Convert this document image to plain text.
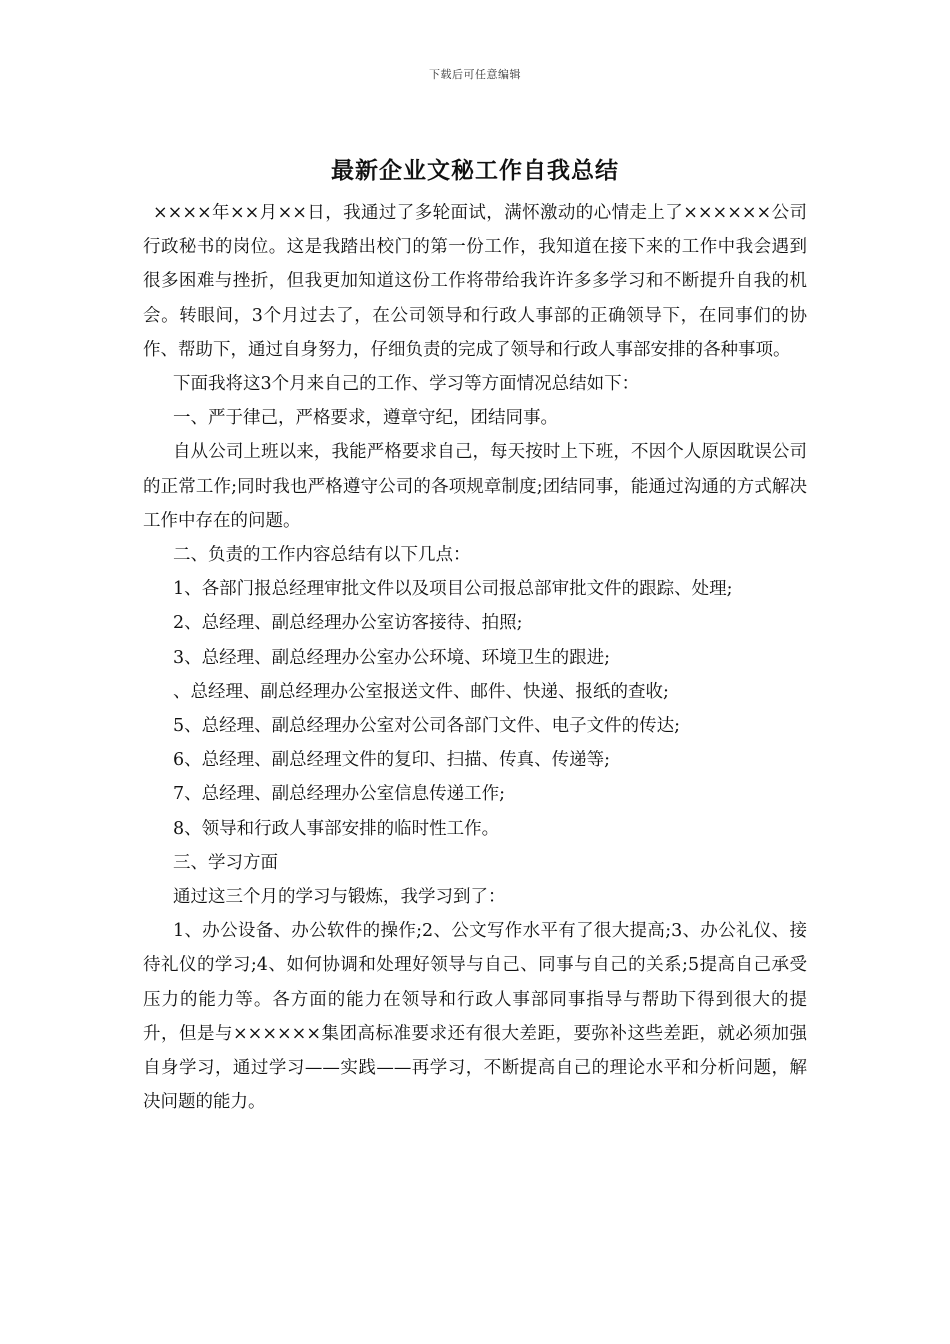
下载后可任意编辑
最新企业文秘工作自我总结

××××年××月××日，我通过了多轮面试，满怀激动的心情走上了××××××公司行政秘书的岗位。这是我踏出校门的第一份工作，我知道在接下来的工作中我会遇到很多困难与挫折，但我更加知道这份工作将带给我许许多多学习和不断提升自我的机会。转眼间，3个月过去了，在公司领导和行政人事部的正确领导下，在同事们的协作、帮助下，通过自身努力，仔细负责的完成了领导和行政人事部安排的各种事项。

下面我将这3个月来自己的工作、学习等方面情况总结如下：

一、严于律己，严格要求，遵章守纪，团结同事。

自从公司上班以来，我能严格要求自己，每天按时上下班，不因个人原因耽误公司的正常工作;同时我也严格遵守公司的各项规章制度;团结同事，能通过沟通的方式解决工作中存在的问题。

二、负责的工作内容总结有以下几点：

1、各部门报总经理审批文件以及项目公司报总部审批文件的跟踪、处理;

2、总经理、副总经理办公室访客接待、拍照;

3、总经理、副总经理办公室办公环境、环境卫生的跟进;

、总经理、副总经理办公室报送文件、邮件、快递、报纸的查收;

5、总经理、副总经理办公室对公司各部门文件、电子文件的传达;

6、总经理、副总经理文件的复印、扫描、传真、传递等;

7、总经理、副总经理办公室信息传递工作;

8、领导和行政人事部安排的临时性工作。

三、学习方面

通过这三个月的学习与锻炼，我学习到了：

1、办公设备、办公软件的操作;2、公文写作水平有了很大提高;3、办公礼仪、接待礼仪的学习;4、如何协调和处理好领导与自己、同事与自己的关系;5提高自己承受压力的能力等。各方面的能力在领导和行政人事部同事指导与帮助下得到很大的提升，但是与××××××集团高标准要求还有很大差距，要弥补这些差距，就必须加强自身学习，通过学习——实践——再学习，不断提高自己的理论水平和分析问题，解决问题的能力。
